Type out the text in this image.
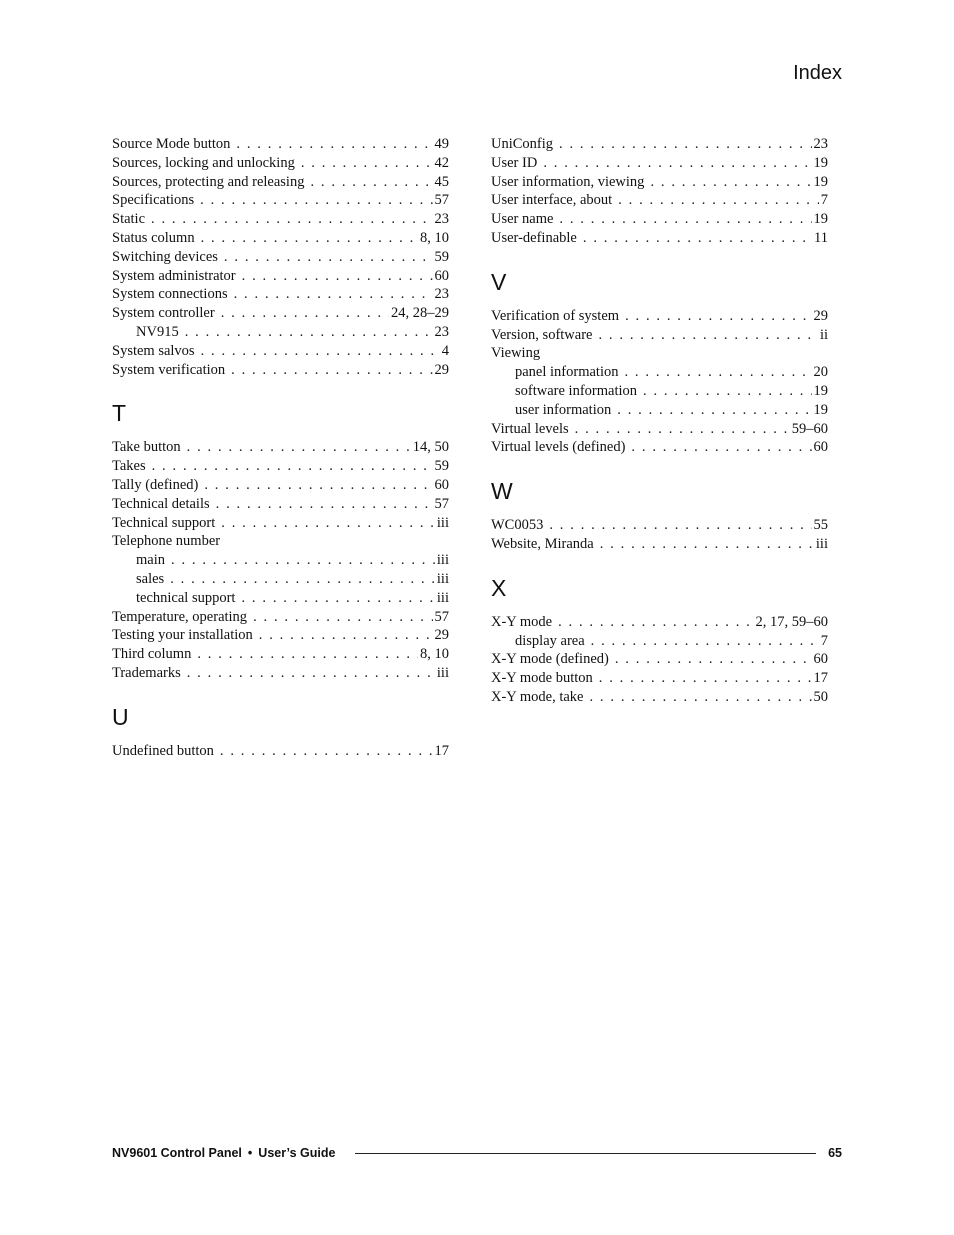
Index
Source Mode button . . .	49
Sources, locking and unlocking . . .	42
Sources, protecting and releasing . . .	45
Specifications . . .	57
Static . . .	23
Status column . . .	8, 10
Switching devices . . .	59
System administrator . . .	60
System connections . . .	23
System controller . . .	24, 28–29
NV915 . . .	23
System salvos . . .	4
System verification . . .	29
T
Take button . . .	14, 50
Takes . . .	59
Tally (defined) . . .	60
Technical details . . .	57
Technical support . . .	iii
Telephone number
main . . .	iii
sales . . .	iii
technical support . . .	iii
Temperature, operating . . .	57
Testing your installation . . .	29
Third column . . .	8, 10
Trademarks . . .	iii
U
Undefined button . . .	17
UniConfig . . .	23
User ID . . .	19
User information, viewing . . .	19
User interface, about . . .	7
User name . . .	19
User-definable . . .	11
V
Verification of system . . .	29
Version, software . . .	ii
Viewing
panel information . . .	20
software information . . .	19
user information . . .	19
Virtual levels . . .	59–60
Virtual levels (defined) . . .	60
W
WC0053 . . .	55
Website, Miranda . . .	iii
X
X-Y mode . . .	2, 17, 59–60
display area . . .	7
X-Y mode (defined) . . .	60
X-Y mode button . . .	17
X-Y mode, take . . .	50
NV9601 Control Panel • User’s Guide	65
